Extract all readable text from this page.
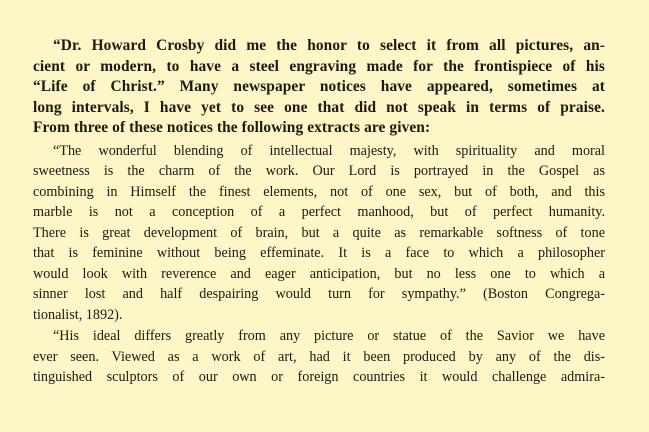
“Dr. Howard Crosby did me the honor to select it from all pictures, an-
cient or modern, to have a steel engraving made for the frontispiece of his
“Life of Christ.” Many newspaper notices have appeared, sometimes at
long intervals, I have yet to see one that did not speak in terms of praise.
From three of these notices the following extracts are given:
“The wonderful blending of intellectual majesty, with spirituality and moral
sweetness is the charm of the work. Our Lord is portrayed in the Gospel as
combining in Himself the finest elements, not of one sex, but of both, and this
marble is not a conception of a perfect manhood, but of perfect humanity.
There is great development of brain, but a quite as remarkable softness of tone
that is feminine without being effeminate. It is a face to which a philosopher
would look with reverence and eager anticipation, but no less one to which a
sinner lost and half despairing would turn for sympathy.” (Boston Congrega-
tionalist, 1892).
“His ideal differs greatly from any picture or statue of the Savior we have
ever seen. Viewed as a work of art, had it been produced by any of the dis-
tinguished sculptors of our own or foreign countries it would challenge admira-
